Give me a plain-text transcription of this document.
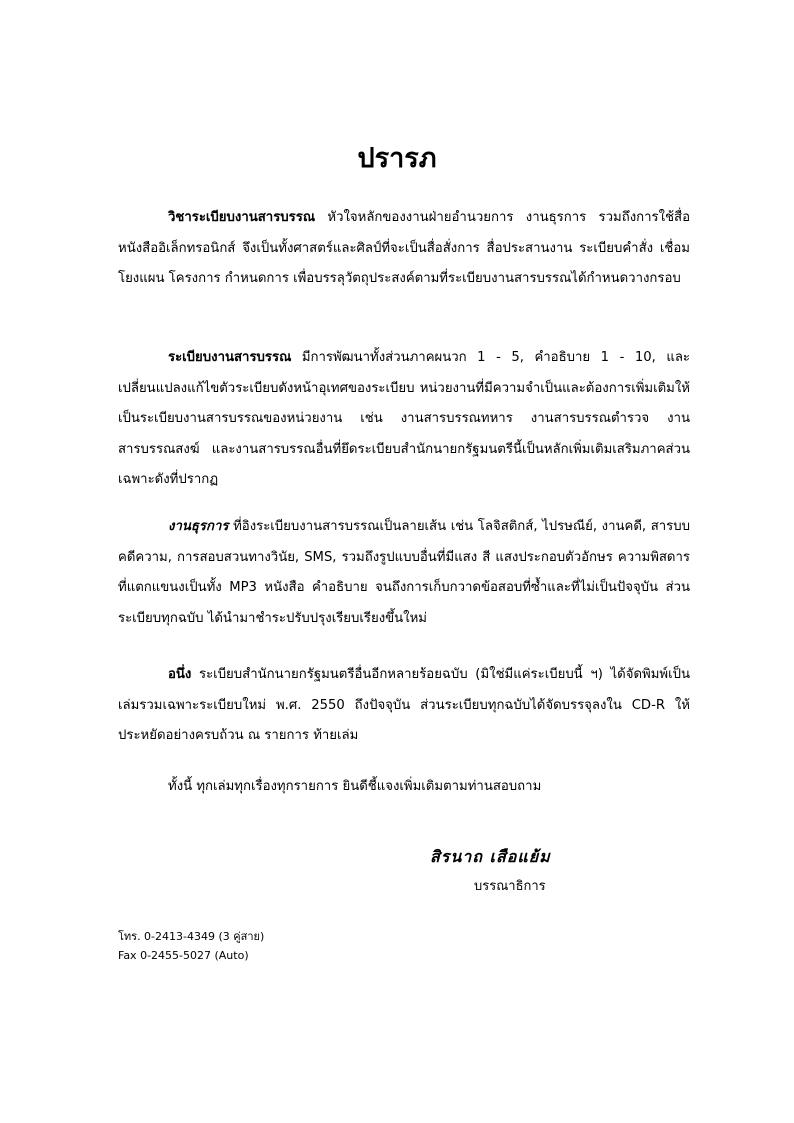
ปรารภ
วิชาระเบียบงานสารบรรณ หัวใจหลักของงานฝ่ายอำนวยการ งานธุรการ รวมถึงการใช้สื่อหนังสืออิเล็กทรอนิกส์ จึงเป็นทั้งศาสตร์และศิลป์ที่จะเป็นสื่อสั่งการ สื่อประสานงาน ระเบียบคำสั่ง เชื่อมโยงแผน โครงการ กำหนดการ เพื่อบรรลุวัตถุประสงค์ตามที่ระเบียบงานสารบรรณได้กำหนดวางกรอบ
ระเบียบงานสารบรรณ มีการพัฒนาทั้งส่วนภาคผนวก 1 - 5, คำอธิบาย 1 - 10, และเปลี่ยนแปลงแก้ไขตัวระเบียบดังหน้าอุเทศของระเบียบ หน่วยงานที่มีความจำเป็นและต้องการเพิ่มเติมให้เป็นระเบียบงานสารบรรณของหน่วยงาน เช่น งานสารบรรณทหาร งานสารบรรณตำรวจ งานสารบรรณสงฆ์ และงานสารบรรณอื่นที่ยึดระเบียบสำนักนายกรัฐมนตรีนี้เป็นหลักเพิ่มเติมเสริมภาคส่วนเฉพาะดังที่ปรากฏ
งานธุรการ ที่อิงระเบียบงานสารบรรณเป็นลายเส้น เช่น โลจิสติกส์, ไปรษณีย์, งานคดี, สารบบคดีความ, การสอบสวนทางวินัย, SMS, รวมถึงรูปแบบอื่นที่มีแสง สี แสงประกอบตัวอักษร ความพิสดารที่แตกแขนงเป็นทั้ง MP3 หนังสือ คำอธิบาย จนถึงการเก็บกวาดข้อสอบที่ซ้ำและที่ไม่เป็นปัจจุบัน ส่วนระเบียบทุกฉบับ ได้นำมาชำระปรับปรุงเรียบเรียงขึ้นใหม่
อนึ่ง ระเบียบสำนักนายกรัฐมนตรีอื่นอีกหลายร้อยฉบับ (มิใช่มีแค่ระเบียบนี้ ฯ) ได้จัดพิมพ์เป็นเล่มรวมเฉพาะระเบียบใหม่ พ.ศ. 2550 ถึงปัจจุบัน ส่วนระเบียบทุกฉบับได้จัดบรรจุลงใน CD-R ให้ประหยัดอย่างครบถ้วน ณ รายการ ท้ายเล่ม
ทั้งนี้ ทุกเล่มทุกเรื่องทุกรายการ ยินดีชี้แจงเพิ่มเติมตามท่านสอบถาม
สิรนาถ เสือแย้ม
บรรณาธิการ
โทร. 0-2413-4349 (3 คู่สาย)
Fax 0-2455-5027 (Auto)
